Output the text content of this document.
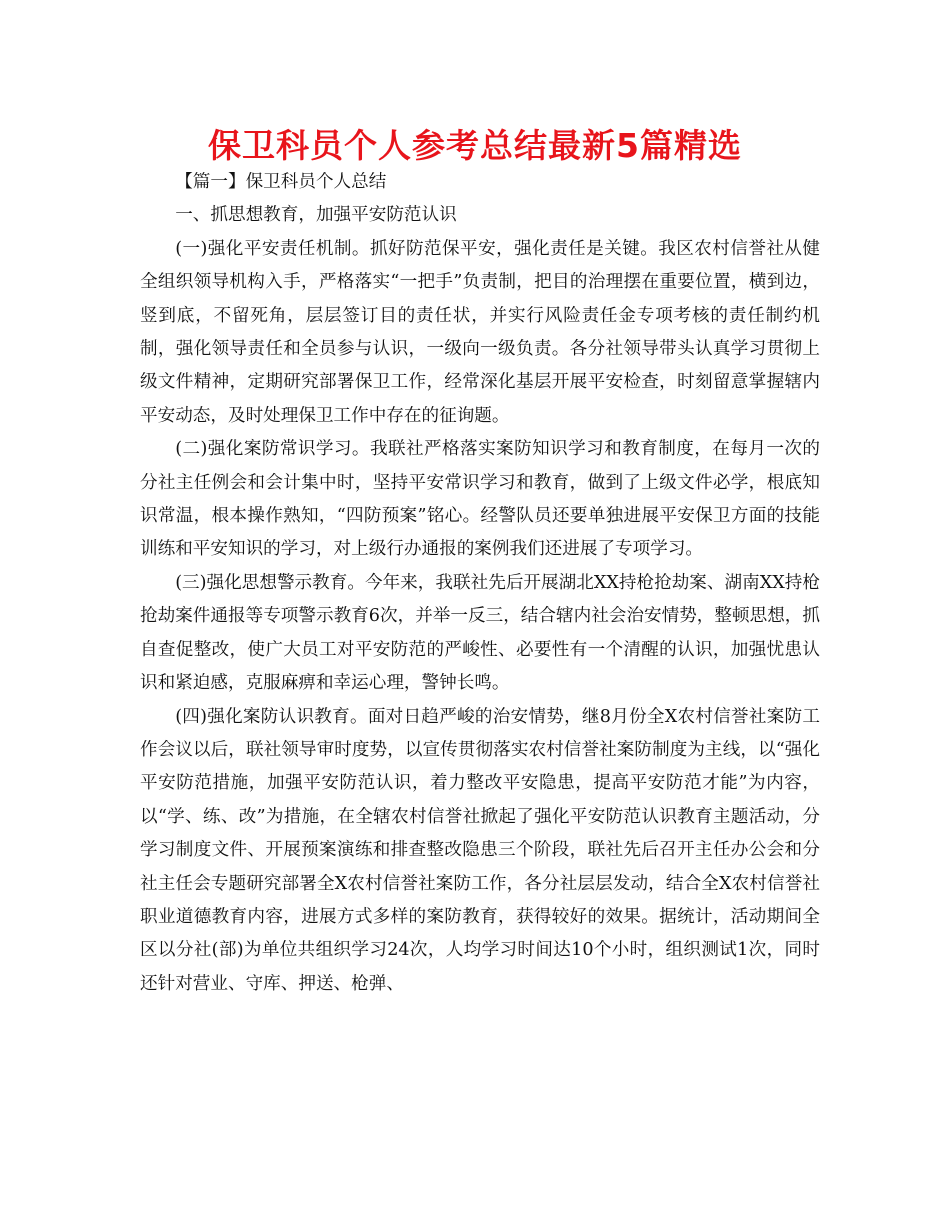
保卫科员个人参考总结最新5篇精选

【篇一】保卫科员个人总结

一、抓思想教育，加强平安防范认识

(一)强化平安责任机制。抓好防范保平安，强化责任是关键。我区农村信誉社从健全组织领导机构入手，严格落实“一把手”负责制，把目的治理摆在重要位置，横到边，竖到底，不留死角，层层签订目的责任状，并实行风险责任金专项考核的责任制约机制，强化领导责任和全员参与认识，一级向一级负责。各分社领导带头认真学习贯彻上级文件精神，定期研究部署保卫工作，经常深化基层开展平安检查，时刻留意掌握辖内平安动态，及时处理保卫工作中存在的征询题。

(二)强化案防常识学习。我联社严格落实案防知识学习和教育制度，在每月一次的分社主任例会和会计集中时，坚持平安常识学习和教育，做到了上级文件必学，根底知识常温，根本操作熟知，“四防预案”铭心。经警队员还要单独进展平安保卫方面的技能训练和平安知识的学习，对上级行办通报的案例我们还进展了专项学习。

(三)强化思想警示教育。今年来，我联社先后开展湖北XX持枪抢劫案、湖南XX持枪抢劫案件通报等专项警示教育6次，并举一反三，结合辖内社会治安情势，整顿思想，抓自查促整改，使广大员工对平安防范的严峻性、必要性有一个清醒的认识，加强忧患认识和紧迫感，克服麻痹和幸运心理，警钟长鸣。

(四)强化案防认识教育。面对日趋严峻的治安情势，继8月份全X农村信誉社案防工作会议以后，联社领导审时度势，以宣传贯彻落实农村信誉社案防制度为主线，以“强化平安防范措施，加强平安防范认识，着力整改平安隐患，提高平安防范才能”为内容，以“学、练、改”为措施，在全辖农村信誉社掀起了强化平安防范认识教育主题活动，分学习制度文件、开展预案演练和排查整改隐患三个阶段，联社先后召开主任办公会和分社主任会专题研究部署全X农村信誉社案防工作，各分社层层发动，结合全X农村信誉社职业道德教育内容，进展方式多样的案防教育，获得较好的效果。据统计，活动期间全区以分社(部)为单位共组织学习24次，人均学习时间达10个小时，组织测试1次，同时还针对营业、守库、押送、枪弹、
